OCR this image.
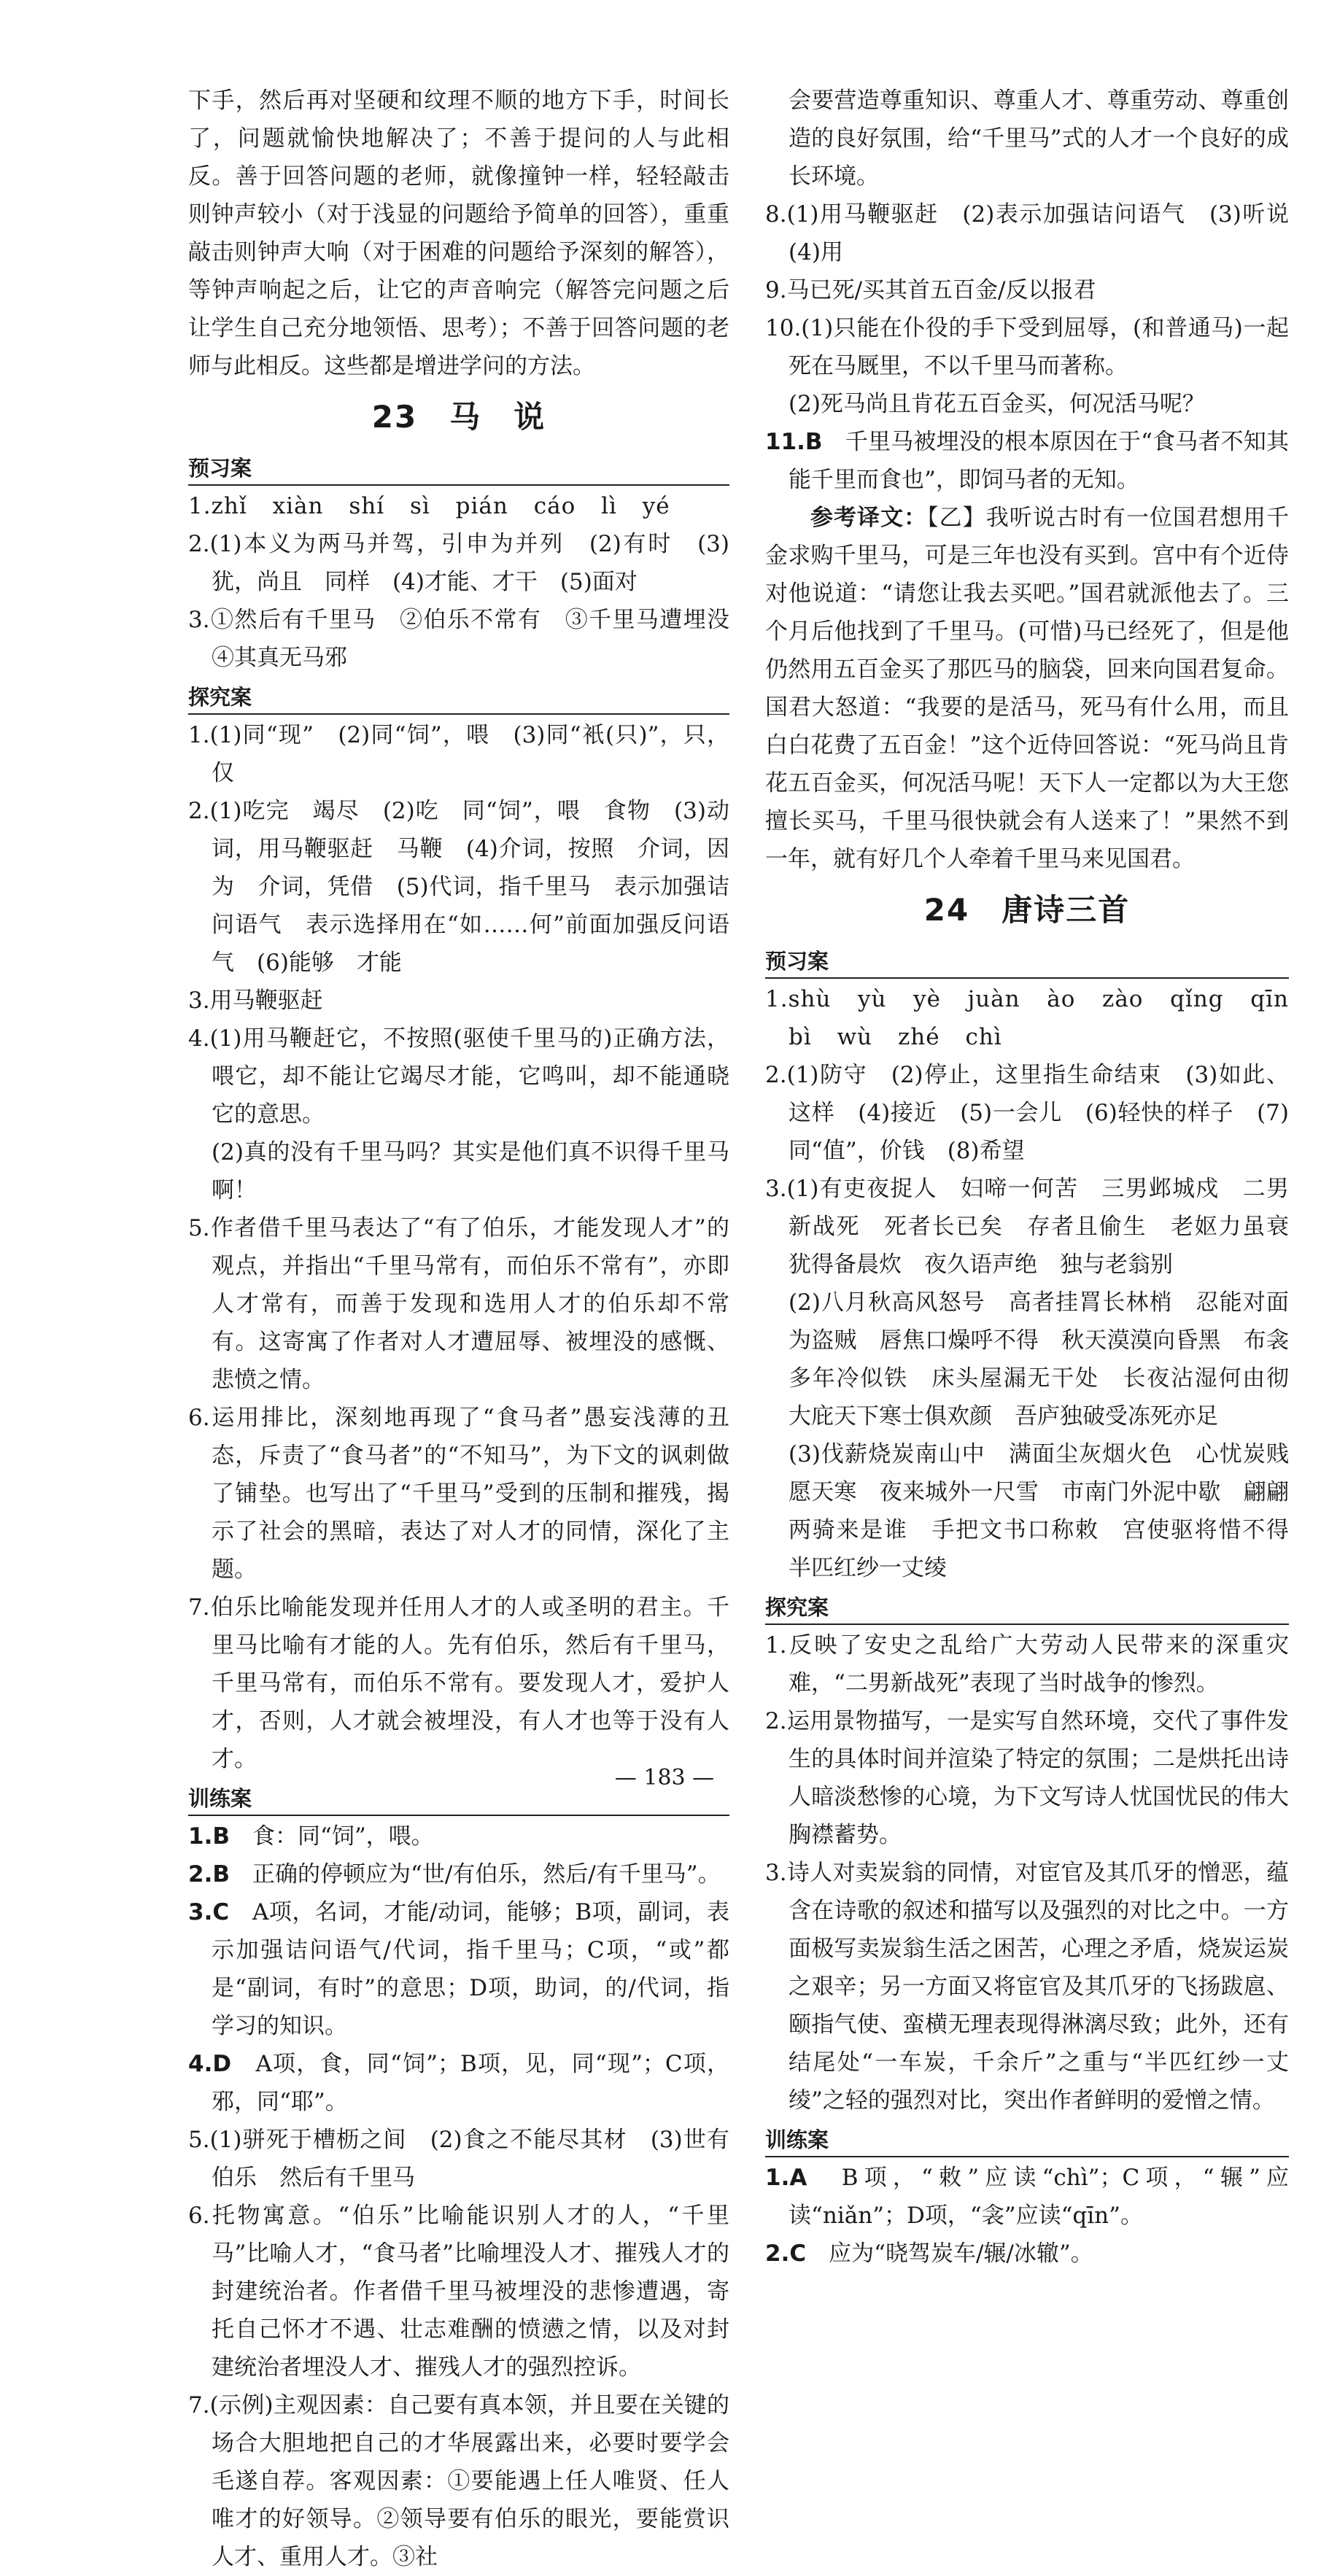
下手，然后再对坚硬和纹理不顺的地方下手，时间长了，问题就愉快地解决了；不善于提问的人与此相反。善于回答问题的老师，就像撞钟一样，轻轻敲击则钟声较小（对于浅显的问题给予简单的回答），重重敲击则钟声大响（对于困难的问题给予深刻的解答），等钟声响起之后，让它的声音响完（解答完问题之后让学生自己充分地领悟、思考）；不善于回答问题的老师与此相反。这些都是增进学问的方法。

23　马　说
预习案

1.zhǐ xiàn shí sì pián cáo lì yé

2.(1)本义为两马并驾，引申为并列　(2)有时　(3)犹，尚且　同样　(4)才能、才干　(5)面对

3.①然后有千里马　②伯乐不常有　③千里马遭埋没　④其真无马邪

探究案

1.(1)同“现”　(2)同“饲”，喂　(3)同“衹(只)”，只，仅

2.(1)吃完　竭尽　(2)吃　同“饲”，喂　食物　(3)动词，用马鞭驱赶　马鞭　(4)介词，按照　介词，因为　介词，凭借　(5)代词，指千里马　表示加强诘问语气　表示选择用在“如……何”前面加强反问语气　(6)能够　才能

3.用马鞭驱赶

4.(1)用马鞭赶它，不按照(驱使千里马的)正确方法，喂它，却不能让它竭尽才能，它鸣叫，却不能通晓它的意思。

(2)真的没有千里马吗？其实是他们真不识得千里马啊！

5.作者借千里马表达了“有了伯乐，才能发现人才”的观点，并指出“千里马常有，而伯乐不常有”，亦即人才常有，而善于发现和选用人才的伯乐却不常有。这寄寓了作者对人才遭屈辱、被埋没的感慨、悲愤之情。

6.运用排比，深刻地再现了“食马者”愚妄浅薄的丑态，斥责了“食马者”的“不知马”，为下文的讽刺做了铺垫。也写出了“千里马”受到的压制和摧残，揭示了社会的黑暗，表达了对人才的同情，深化了主题。

7.伯乐比喻能发现并任用人才的人或圣明的君主。千里马比喻有才能的人。先有伯乐，然后有千里马，千里马常有，而伯乐不常有。要发现人才，爱护人才，否则，人才就会被埋没，有人才也等于没有人才。

训练案

1.B　 食：同“饲”，喂。

2.B　 正确的停顿应为“世/有伯乐，然后/有千里马”。

3.C　 A项，名词，才能/动词，能够；B项，副词，表示加强诘问语气/代词，指千里马；C项，“或”都是“副词，有时”的意思；D项，助词，的/代词，指学习的知识。

4.D　 A项，食，同“饲”；B项，见，同“现”；C项，邪，同“耶”。

5.(1)骈死于槽枥之间　(2)食之不能尽其材　(3)世有伯乐　然后有千里马

6.托物寓意。“伯乐”比喻能识别人才的人，“千里马”比喻人才，“食马者”比喻埋没人才、摧残人才的封建统治者。作者借千里马被埋没的悲惨遭遇，寄托自己怀才不遇、壮志难酬的愤懑之情，以及对封建统治者埋没人才、摧残人才的强烈控诉。

7.(示例)主观因素：自己要有真本领，并且要在关键的场合大胆地把自己的才华展露出来，必要时要学会毛遂自荐。客观因素：①要能遇上任人唯贤、任人唯才的好领导。②领导要有伯乐的眼光，要能赏识人才、重用人才。③社

会要营造尊重知识、尊重人才、尊重劳动、尊重创造的良好氛围，给“千里马”式的人才一个良好的成长环境。

8.(1)用马鞭驱赶　(2)表示加强诘问语气　(3)听说　(4)用

9.马已死/买其首五百金/反以报君

10.(1)只能在仆役的手下受到屈辱，(和普通马)一起死在马厩里，不以千里马而著称。

(2)死马尚且肯花五百金买，何况活马呢？

11.B　 千里马被埋没的根本原因在于“食马者不知其能千里而食也”，即饲马者的无知。

参考译文：【乙】我听说古时有一位国君想用千金求购千里马，可是三年也没有买到。宫中有个近侍对他说道：“请您让我去买吧。”国君就派他去了。三个月后他找到了千里马。(可惜)马已经死了，但是他仍然用五百金买了那匹马的脑袋，回来向国君复命。国君大怒道：“我要的是活马，死马有什么用，而且白白花费了五百金！”这个近侍回答说：“死马尚且肯花五百金买，何况活马呢！天下人一定都以为大王您擅长买马，千里马很快就会有人送来了！”果然不到一年，就有好几个人牵着千里马来见国君。

24　唐诗三首
预习案

1.shù yù yè juàn ào zào qǐng qīn bì wù zhé chì

2.(1)防守　(2)停止，这里指生命结束　(3)如此、这样　(4)接近　(5)一会儿　(6)轻快的样子　(7)同“值”，价钱　(8)希望

3.(1)有吏夜捉人　妇啼一何苦　三男邺城戍　二男新战死　死者长已矣　存者且偷生　老妪力虽衰　犹得备晨炊　夜久语声绝　独与老翁别

(2)八月秋高风怒号　高者挂罥长林梢　忍能对面为盗贼　唇焦口燥呼不得　秋天漠漠向昏黑　布衾多年冷似铁　床头屋漏无干处　长夜沾湿何由彻　大庇天下寒士俱欢颜　吾庐独破受冻死亦足

(3)伐薪烧炭南山中　满面尘灰烟火色　心忧炭贱愿天寒　夜来城外一尺雪　市南门外泥中歇　翩翩两骑来是谁　手把文书口称敕　宫使驱将惜不得　半匹红纱一丈绫

探究案

1.反映了安史之乱给广大劳动人民带来的深重灾难，“二男新战死”表现了当时战争的惨烈。

2.运用景物描写，一是实写自然环境，交代了事件发生的具体时间并渲染了特定的氛围；二是烘托出诗人暗淡愁惨的心境，为下文写诗人忧国忧民的伟大胸襟蓄势。

3.诗人对卖炭翁的同情，对宦官及其爪牙的憎恶，蕴含在诗歌的叙述和描写以及强烈的对比之中。一方面极写卖炭翁生活之困苦，心理之矛盾，烧炭运炭之艰辛；另一方面又将宦官及其爪牙的飞扬跋扈、颐指气使、蛮横无理表现得淋漓尽致；此外，还有结尾处“一车炭，千余斤”之重与“半匹红纱一丈绫”之轻的强烈对比，突出作者鲜明的爱憎之情。

训练案

1.A　 B项，“敕”应读“chì”；C项，“辗”应读“niǎn”；D项，“衾”应读“qīn”。

2.C　 应为“晓驾炭车/辗/冰辙”。

— 183 —
